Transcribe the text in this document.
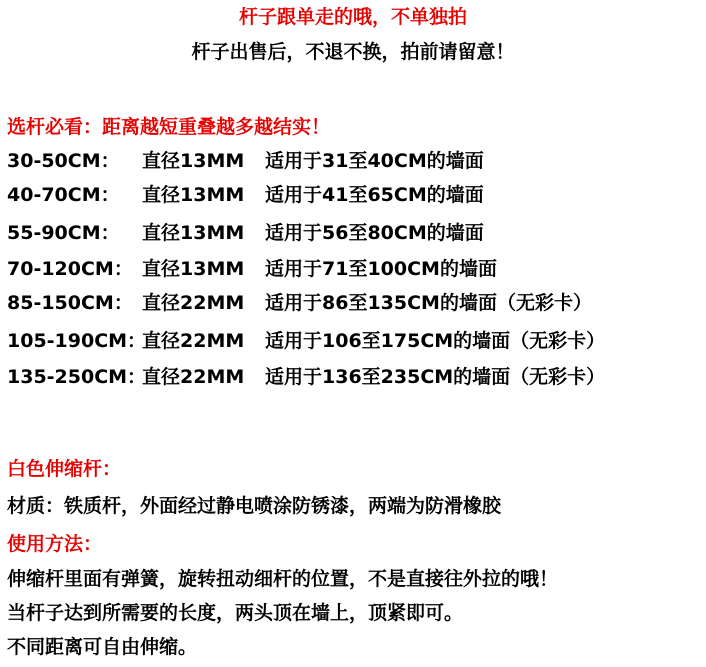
杆子跟单走的哦，不单独拍
杆子出售后，不退不换，拍前请留意！
选杆必看：距离越短重叠越多越结实！
30-50CM： 直径13MM 适用于31至40CM的墙面
40-70CM： 直径13MM 适用于41至65CM的墙面
55-90CM： 直径13MM 适用于56至80CM的墙面
70-120CM： 直径13MM 适用于71至100CM的墙面
85-150CM： 直径22MM 适用于86至135CM的墙面（无彩卡）
105-190CM：直径22MM 适用于106至175CM的墙面（无彩卡）
135-250CM：直径22MM 适用于136至235CM的墙面（无彩卡）
白色伸缩杆：
材质：铁质杆，外面经过静电喷涂防锈漆，两端为防滑橡胶
使用方法：
伸缩杆里面有弹簧，旋转扭动细杆的位置，不是直接往外拉的哦！
当杆子达到所需要的长度，两头顶在墙上，顶紧即可。
不同距离可自由伸缩。
